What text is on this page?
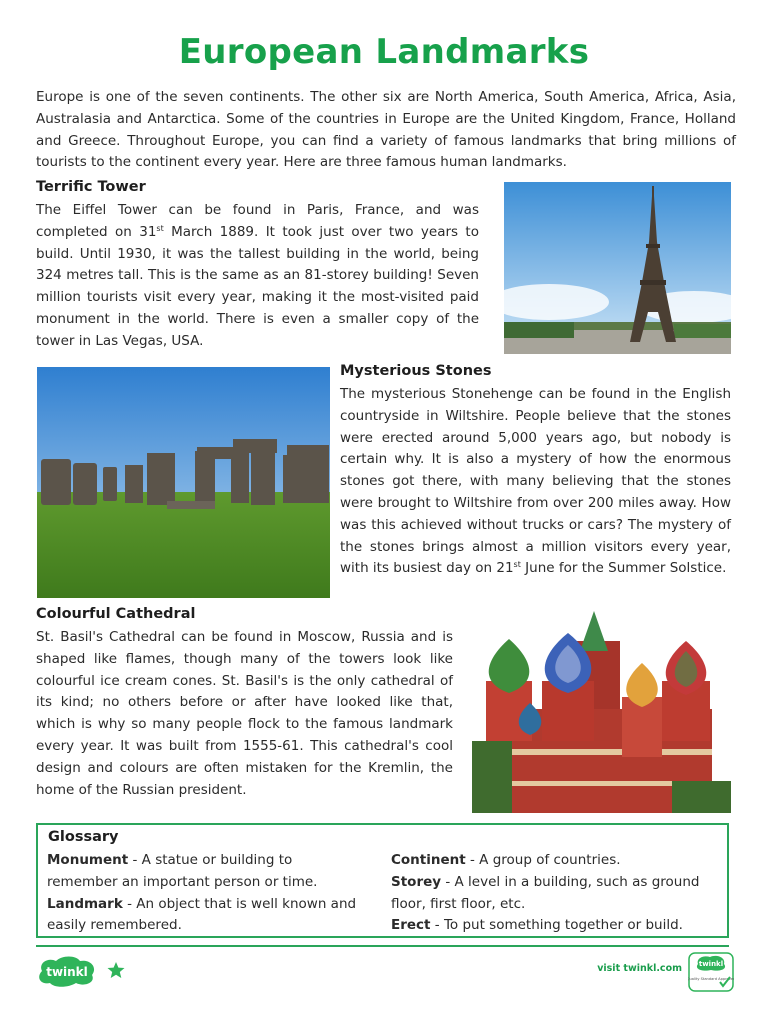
European Landmarks
Europe is one of the seven continents. The other six are North America, South America, Africa, Asia, Australasia and Antarctica. Some of the countries in Europe are the United Kingdom, France, Holland and Greece. Throughout Europe, you can find a variety of famous landmarks that bring millions of tourists to the continent every year. Here are three famous human landmarks.
Terrific Tower
The Eiffel Tower can be found in Paris, France, and was completed on 31st March 1889. It took just over two years to build. Until 1930, it was the tallest building in the world, being 324 metres tall. This is the same as an 81-storey building! Seven million tourists visit every year, making it the most-visited paid monument in the world. There is even a smaller copy of the tower in Las Vegas, USA.
Mysterious Stones
The mysterious Stonehenge can be found in the English countryside in Wiltshire. People believe that the stones were erected around 5,000 years ago, but nobody is certain why. It is also a mystery of how the enormous stones got there, with many believing that the stones were brought to Wiltshire from over 200 miles away. How was this achieved without trucks or cars? The mystery of the stones brings almost a million visitors every year, with its busiest day on 21st June for the Summer Solstice.
Colourful Cathedral
St. Basil's Cathedral can be found in Moscow, Russia and is shaped like flames, though many of the towers look like colourful ice cream cones. St. Basil's is the only cathedral of its kind; no others before or after have looked like that, which is why so many people flock to the famous landmark every year. It was built from 1555-61. This cathedral's cool design and colours are often mistaken for the Kremlin, the home of the Russian president.
Glossary
Monument - A statue or building to remember an important person or time.
Landmark - An object that is well known and easily remembered.
Continent - A group of countries.
Storey - A level in a building, such as ground floor, first floor, etc.
Erect - To put something together or build.
twinkl	visit twinkl.com twinkl
Quality Standard Approved
